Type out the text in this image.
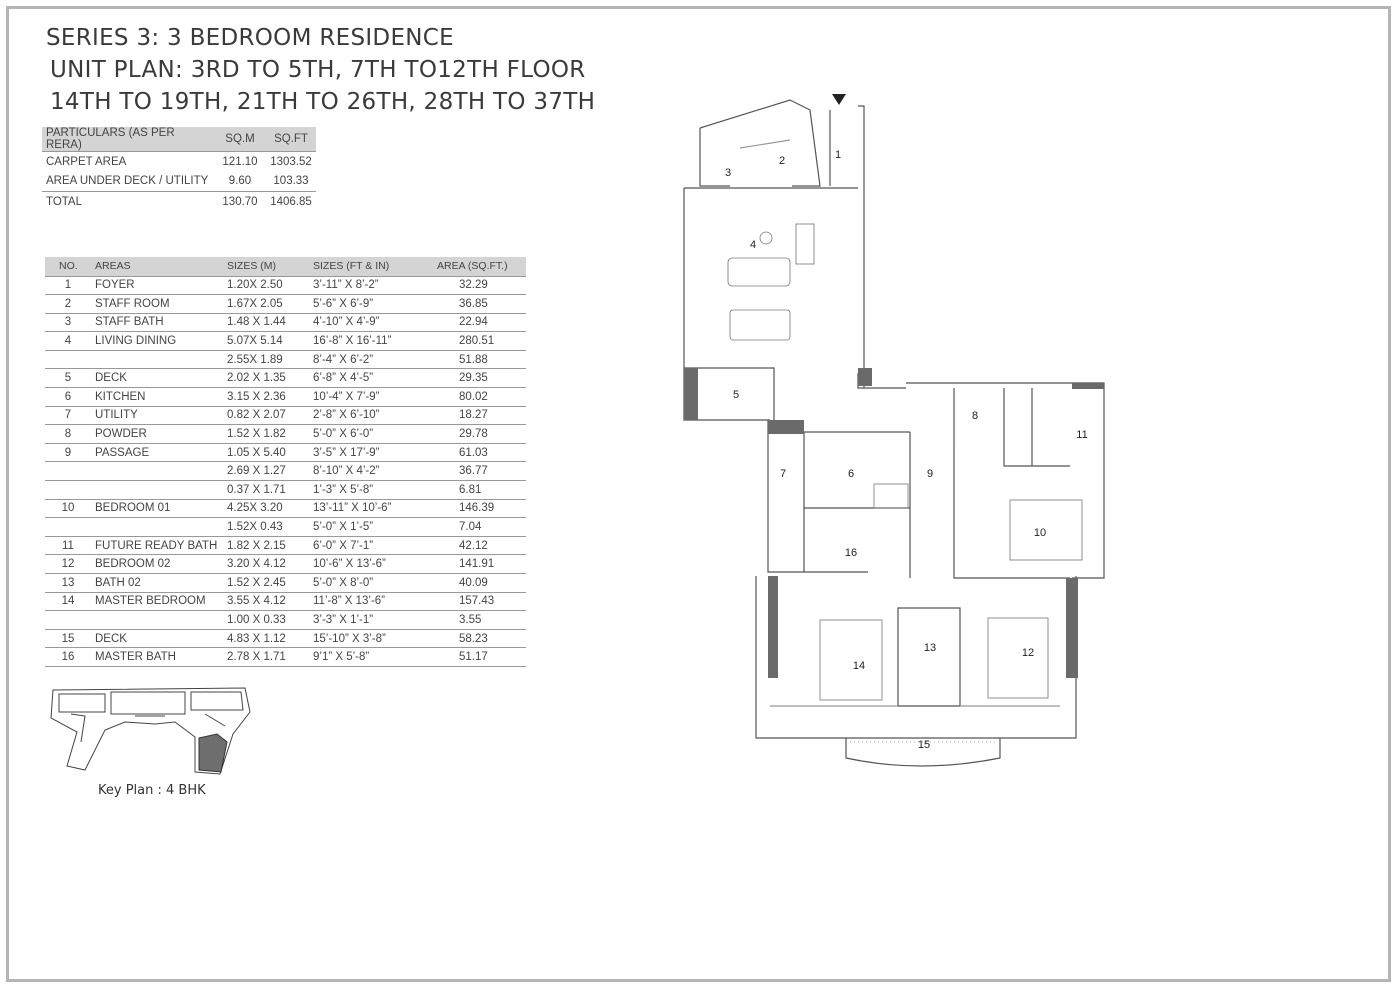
SERIES 3: 3 BEDROOM RESIDENCE
UNIT PLAN: 3RD TO 5TH, 7TH TO12TH FLOOR
14TH TO 19TH, 21TH TO 26TH, 28TH TO 37TH
PARTICULARS (AS PER RERA)	SQ.M	SQ.FT
CARPET AREA	121.10	1303.52
AREA UNDER DECK / UTILITY	9.60	103.33
TOTAL	130.70	1406.85
NO.	AREAS	SIZES (M)	SIZES (FT & IN)	AREA (SQ.FT.)
1	FOYER	1.20X 2.50	3’-11” X 8’-2”	32.29
2	STAFF ROOM	1.67X 2.05	5’-6” X 6’-9”	36.85
3	STAFF BATH	1.48 X 1.44	4’-10” X 4’-9”	22.94
4	LIVING DINING	5.07X 5.14	16’-8” X 16’-11”	280.51
		2.55X 1.89	8’-4” X 6’-2”	51.88
5	DECK	2.02 X 1.35	6’-8” X 4’-5”	29.35
6	KITCHEN	3.15 X 2.36	10’-4” X 7’-9”	80.02
7	UTILITY	0.82 X 2.07	2’-8” X 6’-10”	18.27
8	POWDER	1.52 X 1.82	5’-0” X 6’-0”	29.78
9	PASSAGE	1.05 X 5.40	3’-5” X 17’-9”	61.03
		2.69 X 1.27	8’-10” X 4’-2”	36.77
		0.37 X 1.71	1’-3” X 5’-8”	6.81
10	BEDROOM 01	4.25X 3.20	13’-11” X 10’-6”	146.39
		1.52X 0.43	5’-0” X 1’-5”	7.04
11	FUTURE READY BATH	1.82 X 2.15	6’-0” X 7’-1”	42.12
12	BEDROOM 02	3.20 X 4.12	10’-6” X 13’-6”	141.91
13	BATH 02	1.52 X 2.45	5’-0” X 8’-0”	40.09
14	MASTER BEDROOM	3.55 X 4.12	11’-8” X 13’-6”	157.43
		1.00 X 0.33	3’-3” X 1’-1”	3.55
15	DECK	4.83 X 1.12	15’-10” X 3’-8”	58.23
16	MASTER BATH	2.78 X 1.71	9’1” X 5’-8”	51.17
Key Plan : 4 BHK
1
2
3
4
5
6
7
8
9
10
11
12
13
14
15
16
